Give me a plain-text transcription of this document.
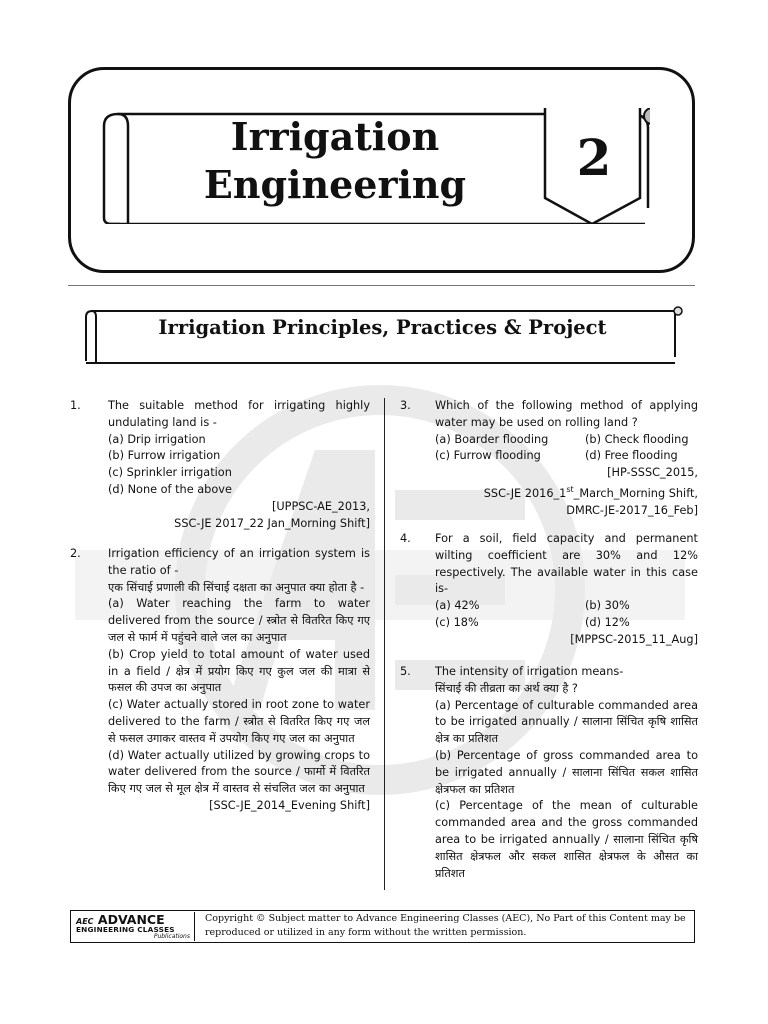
Irrigation
Engineering	2
Irrigation Principles, Practices & Project
1. The suitable method for irrigating highly undulating land is -
(a) Drip irrigation
(b) Furrow irrigation
(c) Sprinkler irrigation
(d) None of the above
[UPPSC-AE_2013,
SSC-JE 2017_22 Jan_Morning Shift]
2. Irrigation efficiency of an irrigation system is the ratio of -
एक सिंचाई प्रणाली की सिंचाई दक्षता का अनुपात क्या होता है -
(a) Water reaching the farm to water delivered from the source / स्त्रोत से वितरित किए गए जल से फार्म में पहुंचने वाले जल का अनुपात
(b) Crop yield to total amount of water used in a field / क्षेत्र में प्रयोग किए गए कुल जल की मात्रा से फसल की उपज का अनुपात
(c) Water actually stored in root zone to water delivered to the farm / स्त्रोत से वितरित किए गए जल से फसल उगाकर वास्तव में उपयोग किए गए जल का अनुपात
(d) Water actually utilized by growing crops to water delivered from the source / फार्मो में वितरित किए गए जल से मूल क्षेत्र में वास्तव से संचलित जल का अनुपात
[SSC-JE_2014_Evening Shift]
3. Which of the following method of applying water may be used on rolling land ?
(a) Boarder flooding	(b) Check flooding
(c) Furrow flooding	(d) Free flooding
[HP-SSSC_2015,
SSC-JE 2016_1st_March_Morning Shift,
DMRC-JE-2017_16_Feb]
4. For a soil, field capacity and permanent wilting coefficient are 30% and 12% respectively. The available water in this case is-
(a) 42%	(b) 30%
(c) 18%	(d) 12%
[MPPSC-2015_11_Aug]
5. The intensity of irrigation means-
सिंचाई की तीव्रता का अर्थ क्या है ?
(a) Percentage of culturable commanded area to be irrigated annually / सालाना सिंचित कृषि शासित क्षेत्र का प्रतिशत
(b) Percentage of gross commanded area to be irrigated annually / सालाना सिंचित सकल शासित क्षेत्रफल का प्रतिशत
(c) Percentage of the mean of culturable commanded area and the gross commanded area to be irrigated annually / सालाना सिंचित कृषि शासित क्षेत्रफल और सकल शासित क्षेत्रफल के औसत का प्रतिशत
AEC ADVANCE
ENGINEERING CLASSES
Publications
Copyright © Subject matter to Advance Engineering Classes (AEC), No Part of this Content may be reproduced or utilized in any form without the written permission.
